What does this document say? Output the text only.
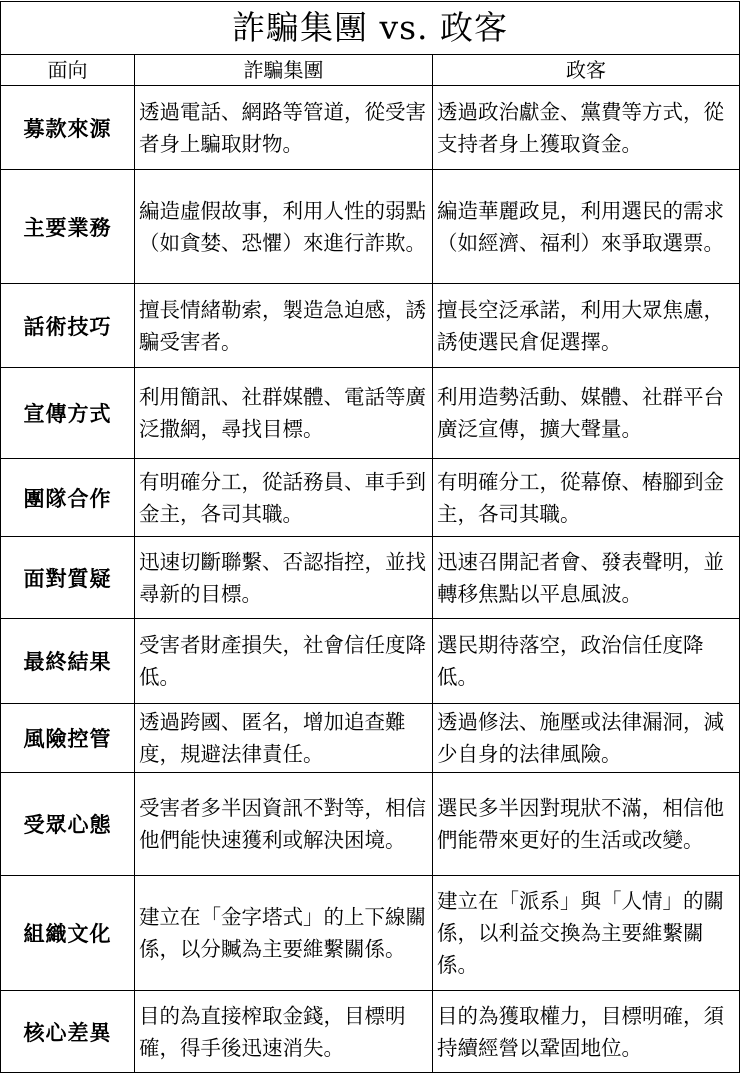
詐騙集團 vs. 政客		
面向	詐騙集團	政客
募款來源	透過電話、網路等管道，從受害者身上騙取財物。	透過政治獻金、黨費等方式，從支持者身上獲取資金。
主要業務	編造虛假故事，利用人性的弱點（如貪婪、恐懼）來進行詐欺。	編造華麗政見，利用選民的需求（如經濟、福利）來爭取選票。
話術技巧	擅長情緒勒索，製造急迫感，誘騙受害者。	擅長空泛承諾，利用大眾焦慮，誘使選民倉促選擇。
宣傳方式	利用簡訊、社群媒體、電話等廣泛撒網，尋找目標。	利用造勢活動、媒體、社群平台廣泛宣傳，擴大聲量。
團隊合作	有明確分工，從話務員、車手到金主，各司其職。	有明確分工，從幕僚、樁腳到金主，各司其職。
面對質疑	迅速切斷聯繫、否認指控，並找尋新的目標。	迅速召開記者會、發表聲明，並轉移焦點以平息風波。
最終結果	受害者財產損失，社會信任度降低。	選民期待落空，政治信任度降低。
風險控管	透過跨國、匿名，增加追查難度，規避法律責任。	透過修法、施壓或法律漏洞，減少自身的法律風險。
受眾心態	受害者多半因資訊不對等，相信他們能快速獲利或解決困境。	選民多半因對現狀不滿，相信他們能帶來更好的生活或改變。
組織文化	建立在「金字塔式」的上下線關係，以分贓為主要維繫關係。	建立在「派系」與「人情」的關係，以利益交換為主要維繫關係。
核心差異	目的為直接榨取金錢，目標明確，得手後迅速消失。	目的為獲取權力，目標明確，須持續經營以鞏固地位。
